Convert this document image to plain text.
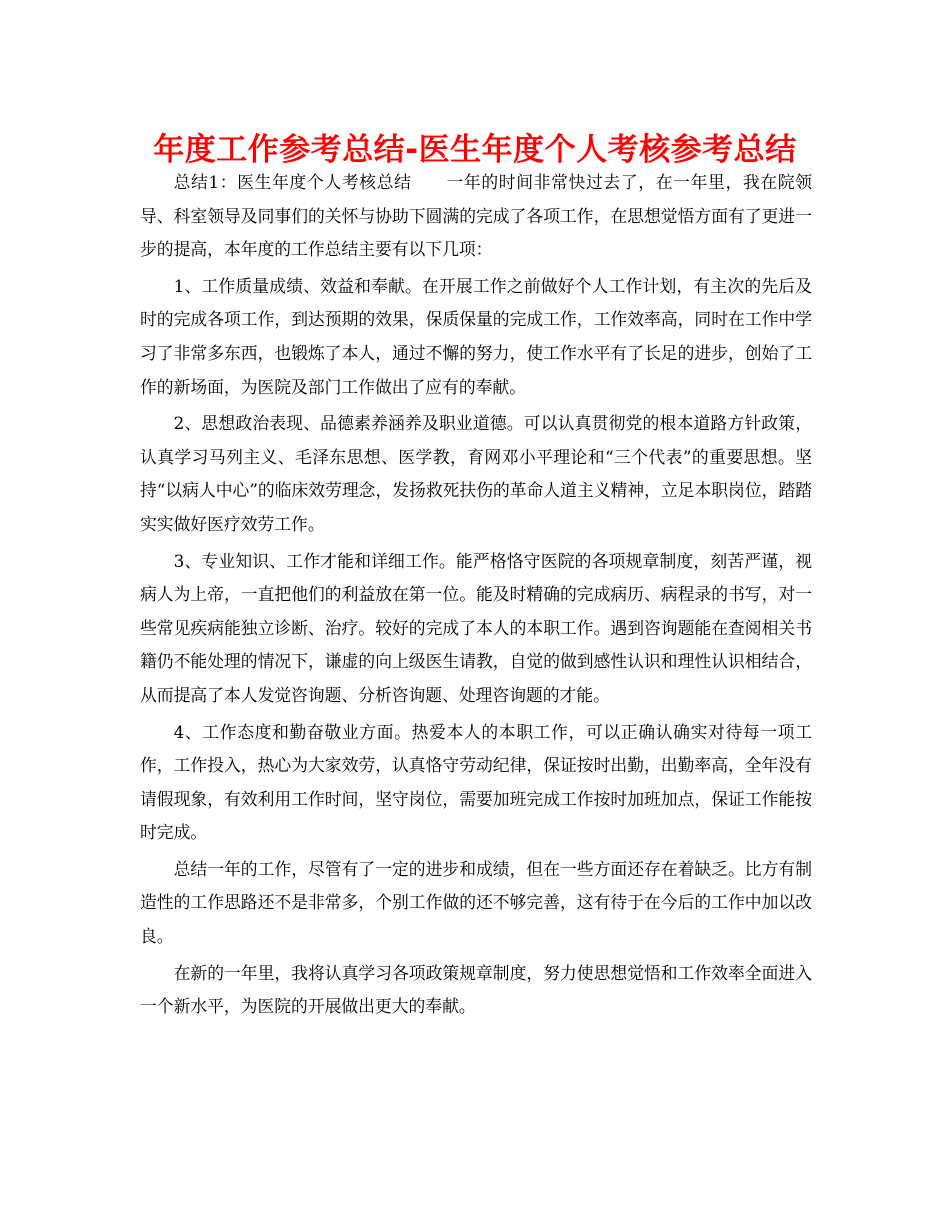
年度工作参考总结-医生年度个人考核参考总结

总结1：医生年度个人考核总结　　一年的时间非常快过去了，在一年里，我在院领导、科室领导及同事们的关怀与协助下圆满的完成了各项工作，在思想觉悟方面有了更进一步的提高，本年度的工作总结主要有以下几项：

1、工作质量成绩、效益和奉献。在开展工作之前做好个人工作计划，有主次的先后及时的完成各项工作，到达预期的效果，保质保量的完成工作，工作效率高，同时在工作中学习了非常多东西，也锻炼了本人，通过不懈的努力，使工作水平有了长足的进步，创始了工作的新场面，为医院及部门工作做出了应有的奉献。

2、思想政治表现、品德素养涵养及职业道德。可以认真贯彻党的根本道路方针政策，认真学习马列主义、毛泽东思想、医学教，育网邓小平理论和“三个代表”的重要思想。坚持“以病人中心”的临床效劳理念，发扬救死扶伤的革命人道主义精神，立足本职岗位，踏踏实实做好医疗效劳工作。

3、专业知识、工作才能和详细工作。能严格恪守医院的各项规章制度，刻苦严谨，视病人为上帝，一直把他们的利益放在第一位。能及时精确的完成病历、病程录的书写，对一些常见疾病能独立诊断、治疗。较好的完成了本人的本职工作。遇到咨询题能在查阅相关书籍仍不能处理的情况下，谦虚的向上级医生请教，自觉的做到感性认识和理性认识相结合，从而提高了本人发觉咨询题、分析咨询题、处理咨询题的才能。

4、工作态度和勤奋敬业方面。热爱本人的本职工作，可以正确认确实对待每一项工作，工作投入，热心为大家效劳，认真恪守劳动纪律，保证按时出勤，出勤率高，全年没有请假现象，有效利用工作时间，坚守岗位，需要加班完成工作按时加班加点，保证工作能按时完成。

总结一年的工作，尽管有了一定的进步和成绩，但在一些方面还存在着缺乏。比方有制造性的工作思路还不是非常多，个别工作做的还不够完善，这有待于在今后的工作中加以改良。

在新的一年里，我将认真学习各项政策规章制度，努力使思想觉悟和工作效率全面进入一个新水平，为医院的开展做出更大的奉献。
